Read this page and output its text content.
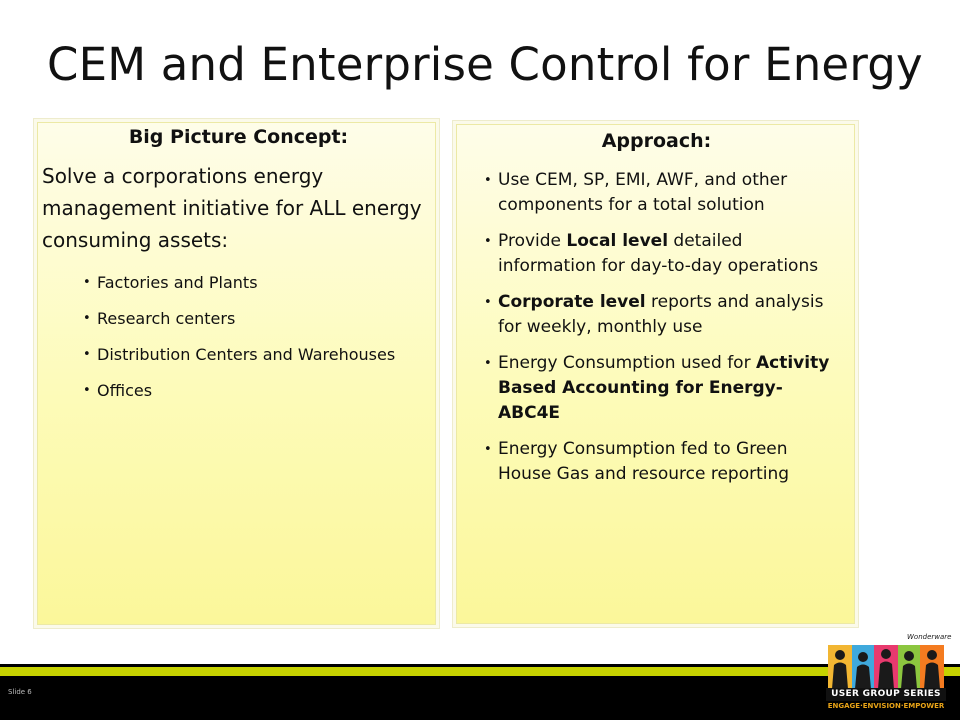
CEM and Enterprise Control for Energy
Big Picture Concept:
Solve a corporations energy management initiative for ALL energy consuming assets:
• Factories and Plants
• Research centers
• Distribution Centers and Warehouses
• Offices
Approach:
• Use CEM, SP, EMI, AWF, and other components for a total solution
• Provide Local level detailed information for day-to-day operations
• Corporate level reports and analysis for weekly, monthly use
• Energy Consumption used for Activity Based Accounting for Energy-ABC4E
• Energy Consumption fed to Green House Gas and resource reporting
Slide 6
Wonderware
USER GROUP SERIES
ENGAGE·ENVISION·EMPOWER
